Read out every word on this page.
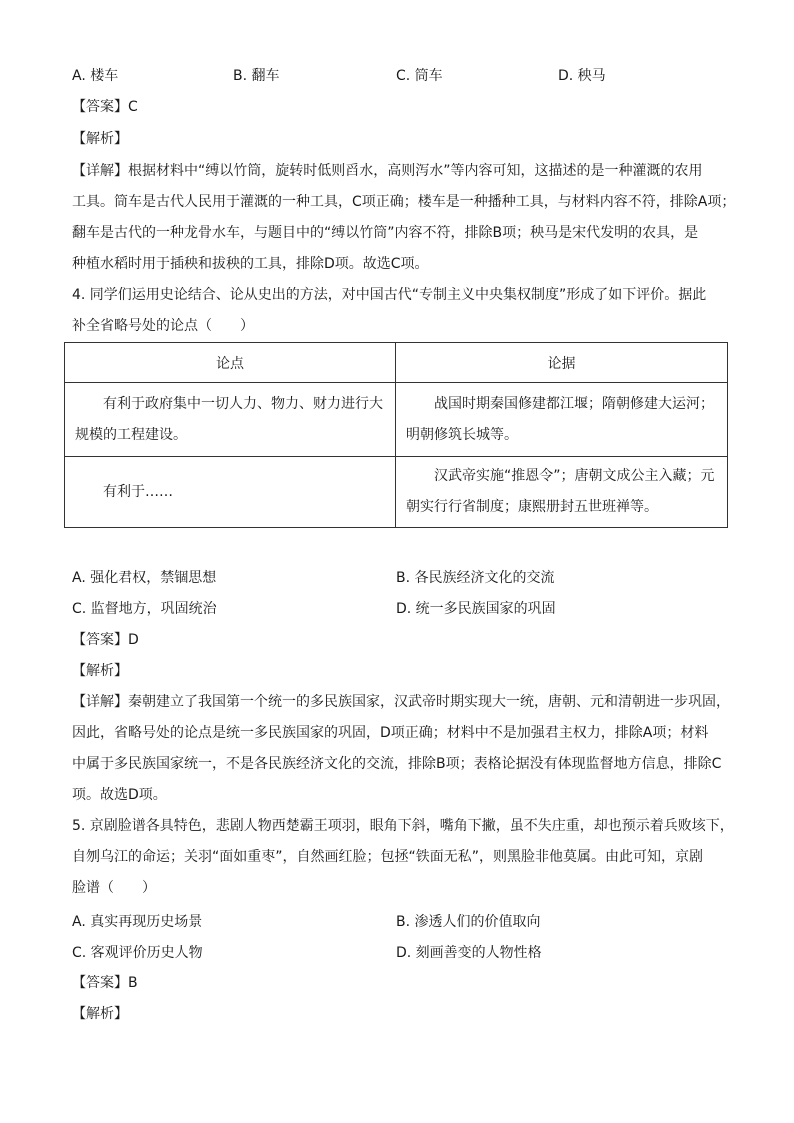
A. 楼车	B. 翻车	C. 筒车	D. 秧马
【答案】C
【解析】
【详解】根据材料中“缚以竹筒，旋转时低则舀水，高则泻水”等内容可知，这描述的是一种灌溉的农用
工具。筒车是古代人民用于灌溉的一种工具，C项正确；楼车是一种播种工具，与材料内容不符，排除A项；
翻车是古代的一种龙骨水车，与题目中的“缚以竹筒”内容不符，排除B项；秧马是宋代发明的农具，是
种植水稻时用于插秧和拔秧的工具，排除D项。故选C项。
4. 同学们运用史论结合、论从史出的方法，对中国古代“专制主义中央集权制度”形成了如下评价。据此
补全省略号处的论点（　　）
论点	论据

有利于政府集中一切人力、物力、财力进行大规模的工程建设。	战国时期秦国修建都江堰；隋朝修建大运河；明朝修筑长城等。

有利于……	汉武帝实施“推恩令”；唐朝文成公主入藏；元朝实行行省制度；康熙册封五世班禅等。
A. 强化君权，禁锢思想	B. 各民族经济文化的交流
C. 监督地方，巩固统治	D. 统一多民族国家的巩固
【答案】D
【解析】
【详解】秦朝建立了我国第一个统一的多民族国家，汉武帝时期实现大一统，唐朝、元和清朝进一步巩固，
因此，省略号处的论点是统一多民族国家的巩固，D项正确；材料中不是加强君主权力，排除A项；材料
中属于多民族国家统一，不是各民族经济文化的交流，排除B项；表格论据没有体现监督地方信息，排除C
项。故选D项。
5. 京剧脸谱各具特色，悲剧人物西楚霸王项羽，眼角下斜，嘴角下撇，虽不失庄重，却也预示着兵败垓下，
自刎乌江的命运；关羽“面如重枣”，自然画红脸；包拯“铁面无私”，则黑脸非他莫属。由此可知，京剧
脸谱（　　）
A. 真实再现历史场景	B. 渗透人们的价值取向
C. 客观评价历史人物	D. 刻画善变的人物性格
【答案】B
【解析】
